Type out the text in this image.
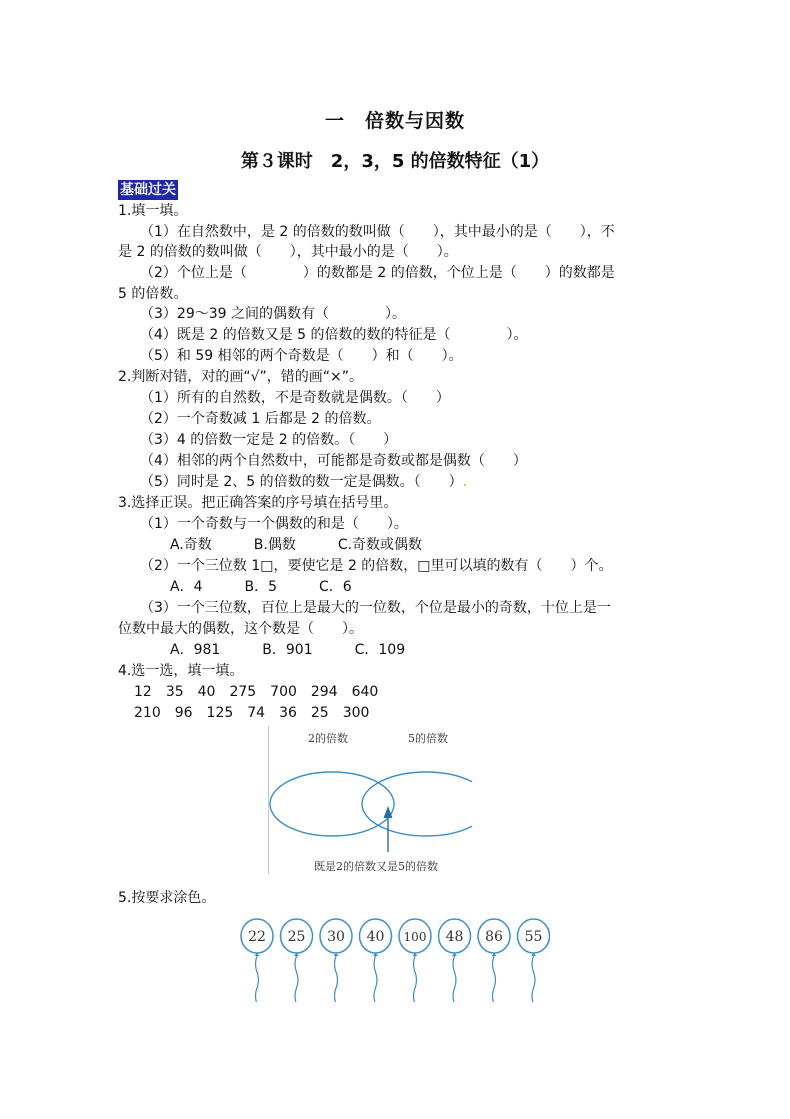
一　倍数与因数
第３课时　2，3，5 的倍数特征（1）
基础过关
1.填一填。
（1）在自然数中，是 2 的倍数的数叫做（　　），其中最小的是（　　），不
是 2 的倍数的数叫做（　　），其中最小的是（　　）。
（2）个位上是（　　　　）的数都是 2 的倍数，个位上是（　　）的数都是
5 的倍数。
（3）29～39 之间的偶数有（　　　　）。
（4）既是 2 的倍数又是 5 的倍数的数的特征是（　　　　）。
（5）和 59 相邻的两个奇数是（　　）和（　　）。
2.判断对错，对的画“√”，错的画“×”。
（1）所有的自然数，不是奇数就是偶数。（　　）
（2）一个奇数减 1 后都是 2 的倍数。
（3）4 的倍数一定是 2 的倍数。（　　）
（4）相邻的两个自然数中，可能都是奇数或都是偶数（　　）
（5）同时是 2、5 的倍数的数一定是偶数。（　　）.
3.选择正误。把正确答案的序号填在括号里。
（1）一个奇数与一个偶数的和是（　　）。
A.奇数　　　B.偶数　　　C.奇数或偶数
（2）一个三位数 1□，要使它是 2 的倍数，□里可以填的数有（　　）个。
A．4　　　B．5　　　C．6
（3）一个三位数，百位上是最大的一位数，个位是最小的奇数，十位上是一
位数中最大的偶数，这个数是（　　）。
A．981　　　B．901　　　C．109
4.选一选，填一填。
12　35　40　275　700　294　640
210　96　125　74　36　25　300
2的倍数	5的倍数
既是2的倍数又是5的倍数
5.按要求涂色。
22 25 30 40 100 48 86 55
